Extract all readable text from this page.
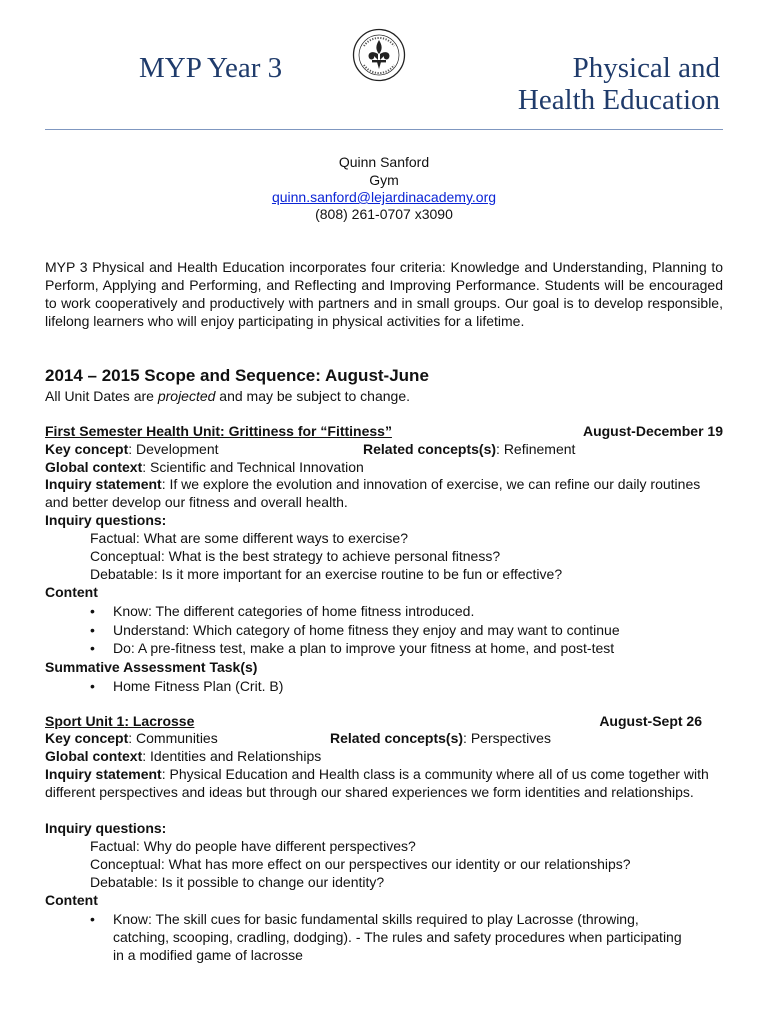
MYP Year 3	Physical and
Health Education
Quinn Sanford
Gym
quinn.sanford@lejardinacademy.org
(808) 261-0707 x3090
MYP 3 Physical and Health Education incorporates four criteria: Knowledge and Understanding, Planning to Perform, Applying and Performing, and Reflecting and Improving Performance. Students will be encouraged to work cooperatively and productively with partners and in small groups. Our goal is to develop responsible, lifelong learners who will enjoy participating in physical activities for a lifetime.
2014 – 2015 Scope and Sequence: August-June
All Unit Dates are projected and may be subject to change.
First Semester Health Unit: Grittiness for “Fittiness”	August-December 19
Key concept: Development	Related concepts(s): Refinement
Global context: Scientific and Technical Innovation
Inquiry statement: If we explore the evolution and innovation of exercise, we can refine our daily routines and better develop our fitness and overall health.
Inquiry questions:
Factual: What are some different ways to exercise?
Conceptual: What is the best strategy to achieve personal fitness?
Debatable: Is it more important for an exercise routine to be fun or effective?
Content
• Know: The different categories of home fitness introduced.
• Understand: Which category of home fitness they enjoy and may want to continue
• Do: A pre-fitness test, make a plan to improve your fitness at home, and post-test
Summative Assessment Task(s)
• Home Fitness Plan (Crit. B)
Sport Unit 1: Lacrosse	August-Sept 26
Key concept: Communities	Related concepts(s): Perspectives
Global context: Identities and Relationships
Inquiry statement: Physical Education and Health class is a community where all of us come together with different perspectives and ideas but through our shared experiences we form identities and relationships.
Inquiry questions:
Factual: Why do people have different perspectives?
Conceptual: What has more effect on our perspectives our identity or our relationships?
Debatable: Is it possible to change our identity?
Content
• Know: The skill cues for basic fundamental skills required to play Lacrosse (throwing, catching, scooping, cradling, dodging). - The rules and safety procedures when participating in a modified game of lacrosse
